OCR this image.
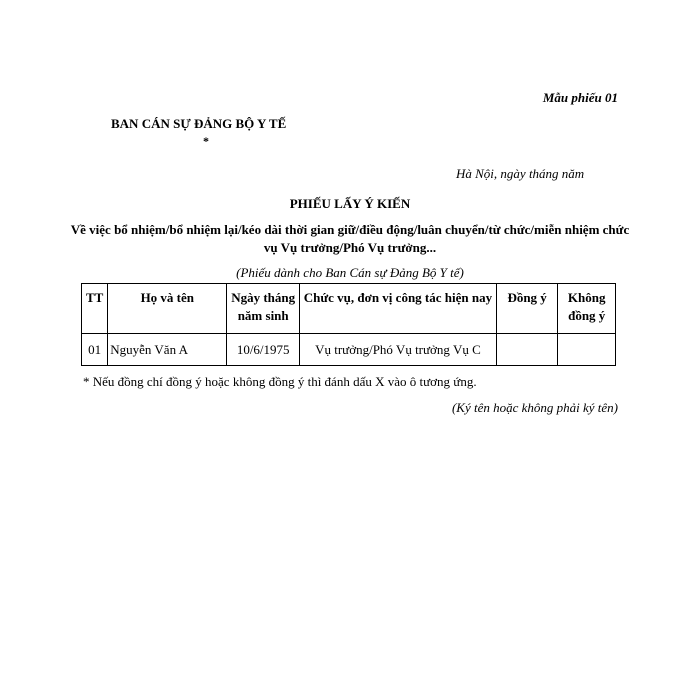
Mẫu phiếu 01
BAN CÁN SỰ ĐẢNG BỘ Y TẾ
*
Hà Nội, ngày tháng năm
PHIẾU LẤY Ý KIẾN
Về việc bổ nhiệm/bổ nhiệm lại/kéo dài thời gian giữ/điều động/luân chuyển/từ chức/miễn nhiệm chức vụ Vụ trưởng/Phó Vụ trưởng...
(Phiếu dành cho Ban Cán sự Đảng Bộ Y tế)
TT	Họ và tên	Ngày tháng năm sinh	Chức vụ, đơn vị công tác hiện nay	Đồng ý	Không đồng ý
01	Nguyễn Văn A	10/6/1975	Vụ trưởng/Phó Vụ trưởng Vụ C		
* Nếu đồng chí đồng ý hoặc không đồng ý thì đánh dấu X vào ô tương ứng.
(Ký tên hoặc không phải ký tên)
